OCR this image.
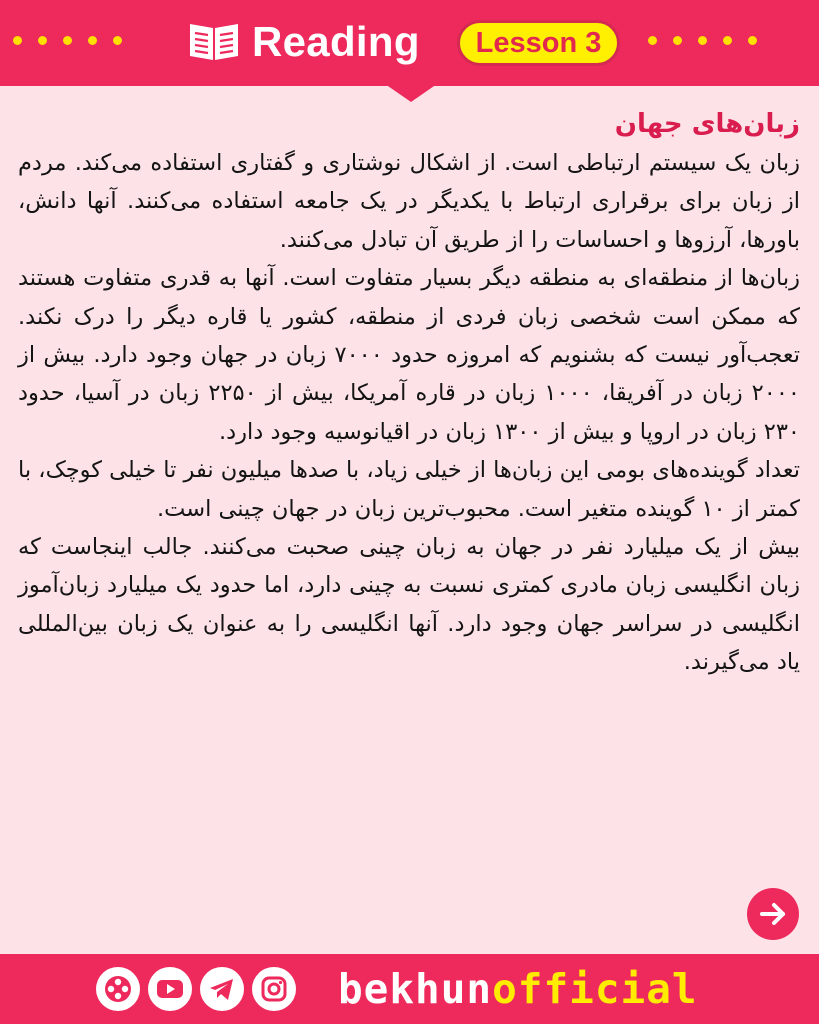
Reading	Lesson 3
زبان‌های جهان

زبان یک سیستم ارتباطی است. از اشکال نوشتاری و گفتاری استفاده می‌کند. مردم از زبان برای برقراری ارتباط با یکدیگر در یک جامعه استفاده می‌کنند. آنها دانش، باورها، آرزوها و احساسات را از طریق آن تبادل می‌کنند.

زبان‌ها از منطقه‌ای به منطقه دیگر بسیار متفاوت است. آنها به قدری متفاوت هستند که ممکن است شخصی زبان فردی از منطقه، کشور یا قاره دیگر را درک نکند. تعجب‌آور نیست که بشنویم که امروزه حدود ۷۰۰۰ زبان در جهان وجود دارد. بیش از ۲۰۰۰ زبان در آفریقا، ۱۰۰۰ زبان در قاره آمریکا، بیش از ۲۲۵۰ زبان در آسیا، حدود ۲۳۰ زبان در اروپا و بیش از ۱۳۰۰ زبان در اقیانوسیه وجود دارد.

تعداد گوینده‌های بومی این زبان‌ها از خیلی زیاد، با صدها میلیون نفر تا خیلی کوچک، با کمتر از ۱۰ گوینده متغیر است. محبوب‌ترین زبان در جهان چینی است.

بیش از یک میلیارد نفر در جهان به زبان چینی صحبت می‌کنند. جالب اینجاست که زبان انگلیسی زبان مادری کمتری نسبت به چینی دارد، اما حدود یک میلیارد زبان‌آموز انگلیسی در سراسر جهان وجود دارد. آنها انگلیسی را به عنوان یک زبان بین‌المللی یاد می‌گیرند.

bekhunofficial
